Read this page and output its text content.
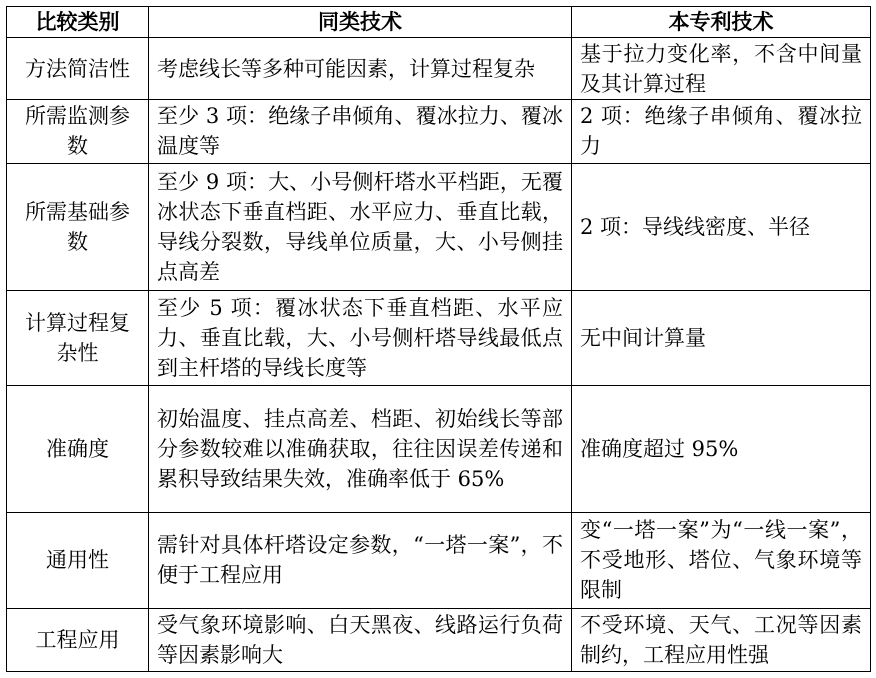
比较类别	同类技术	本专利技术
方法简洁性	考虑线长等多种可能因素，计算过程复杂	基于拉力变化率，不含中间量及其计算过程
所需监测参数	至少 3 项：绝缘子串倾角、覆冰拉力、覆冰温度等	2 项：绝缘子串倾角、覆冰拉力
所需基础参数	至少 9 项：大、小号侧杆塔水平档距，无覆冰状态下垂直档距、水平应力、垂直比载，导线分裂数，导线单位质量，大、小号侧挂点高差	2 项：导线线密度、半径
计算过程复杂性	至少 5 项：覆冰状态下垂直档距、水平应力、垂直比载，大、小号侧杆塔导线最低点到主杆塔的导线长度等	无中间计算量
准确度	初始温度、挂点高差、档距、初始线长等部分参数较难以准确获取，往往因误差传递和累积导致结果失效，准确率低于 65%	准确度超过 95%
通用性	需针对具体杆塔设定参数，“一塔一案”，不便于工程应用	变“一塔一案”为“一线一案”，不受地形、塔位、气象环境等限制
工程应用	受气象环境影响、白天黑夜、线路运行负荷等因素影响大	不受环境、天气、工况等因素制约，工程应用性强
